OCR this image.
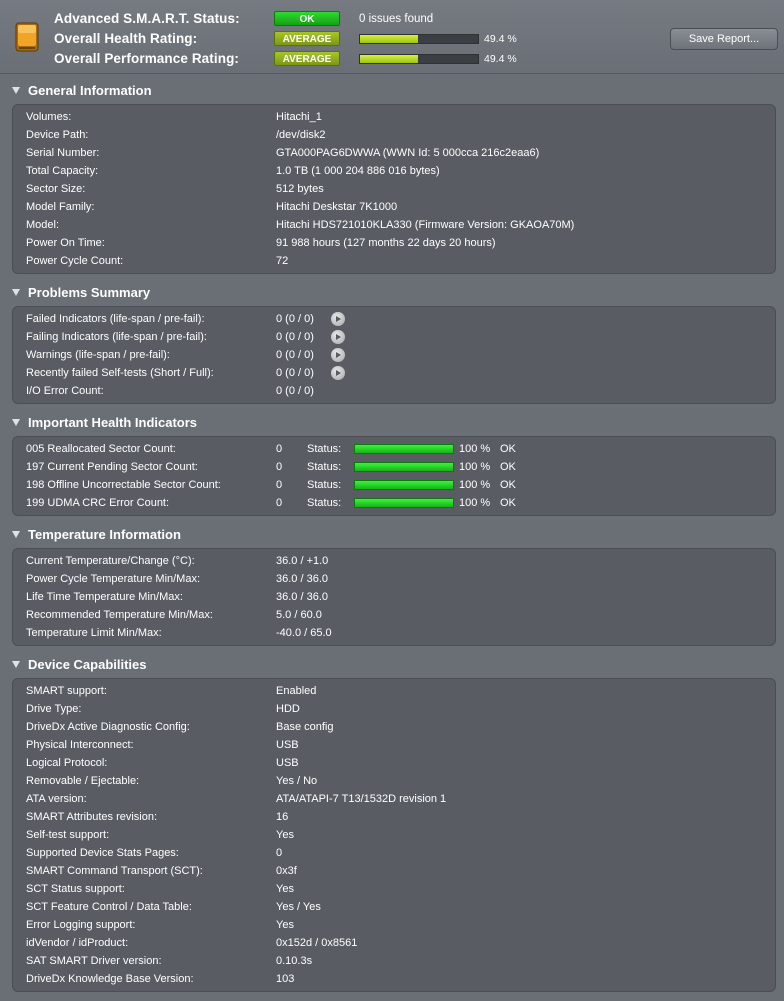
Advanced S.M.A.R.T. Status:	OK	0 issues found
Overall Health Rating:	AVERAGE	49.4 %
Overall Performance Rating:	AVERAGE	49.4 %
Save Report...
General Information
Problems Summary
Important Health Indicators
Temperature Information
Device Capabilities
Volumes:	Hitachi_1
Device Path:	/dev/disk2
Serial Number:	GTA000PAG6DWWA (WWN Id: 5 000cca 216c2eaa6)
Total Capacity:	1.0 TB (1 000 204 886 016 bytes)
Sector Size:	512 bytes
Model Family:	Hitachi Deskstar 7K1000
Model:	Hitachi HDS721010KLA330 (Firmware Version: GKAOA70M)
Power On Time:	91 988 hours (127 months 22 days 20 hours)
Power Cycle Count:	72
Failed Indicators (life-span / pre-fail):	0 (0 / 0)
Failing Indicators (life-span / pre-fail):	0 (0 / 0)
Warnings (life-span / pre-fail):	0 (0 / 0)
Recently failed Self-tests (Short / Full):	0 (0 / 0)
I/O Error Count:	0 (0 / 0)
005 Reallocated Sector Count:	0 Status:	100 % OK
197 Current Pending Sector Count:	0 Status:	100 % OK
198 Offline Uncorrectable Sector Count:	0 Status:	100 % OK
199 UDMA CRC Error Count:	0 Status:	100 % OK
Current Temperature/Change (°C):	36.0 / +1.0
Power Cycle Temperature Min/Max:	36.0 / 36.0
Life Time Temperature Min/Max:	36.0 / 36.0
Recommended Temperature Min/Max:	5.0 / 60.0
Temperature Limit Min/Max:	-40.0 / 65.0
SMART support:	Enabled
Drive Type:	HDD
DriveDx Active Diagnostic Config:	Base config
Physical Interconnect:	USB
Logical Protocol:	USB
Removable / Ejectable:	Yes / No
ATA version:	ATA/ATAPI-7 T13/1532D revision 1
SMART Attributes revision:	16
Self-test support:	Yes
Supported Device Stats Pages:	0
SMART Command Transport (SCT):	0x3f
SCT Status support:	Yes
SCT Feature Control / Data Table:	Yes / Yes
Error Logging support:	Yes
idVendor / idProduct:	0x152d / 0x8561
SAT SMART Driver version:	0.10.3s
DriveDx Knowledge Base Version:	103
